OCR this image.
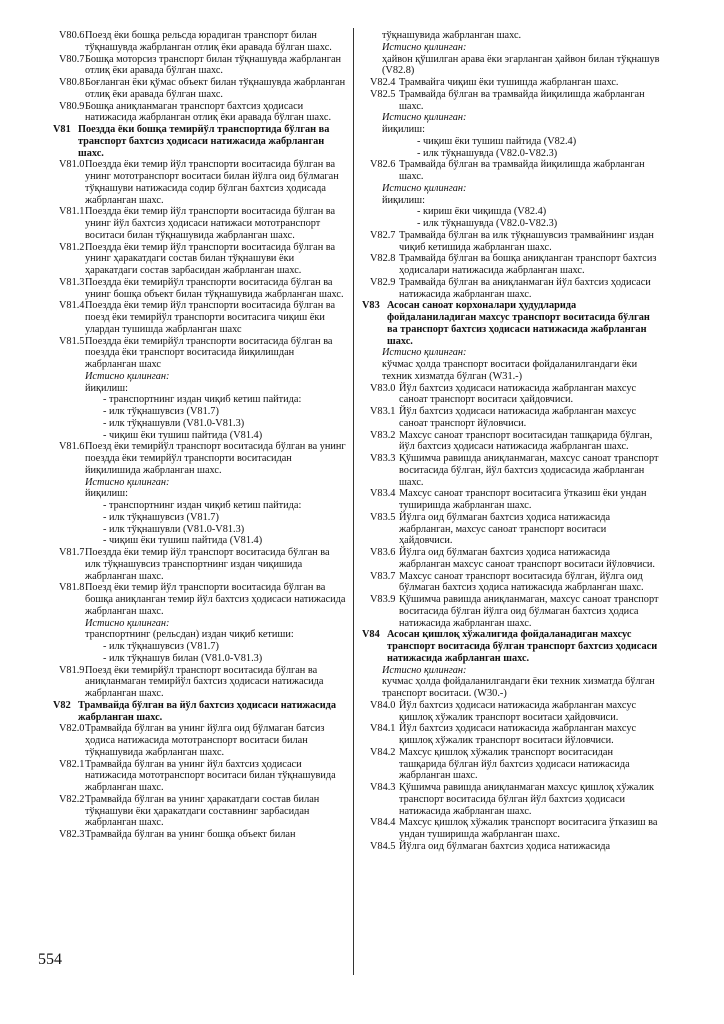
V80.6 Поезд ёки бошқа рельсда юрадиган транспорт билан тўқнашувда жабрланган отлиқ ёки аравада бўлган шахс.
V80.7 Бошқа моторсиз транспорт билан тўқнашувда жабрланган отлиқ ёки аравада бўлган шахс.
V80.8 Боғланган ёки қўмас объект билан тўқнашувда жабрланган отлиқ ёки аравада бўлган шахс.
V80.9 Бошқа аниқланмаган транспорт бахтсиз ҳодисаси натижасида жабрланган отлиқ ёки аравада бўлган шахс.
V81 Поездда ёки бошқа темирйўл транспортида бўлган ва транспорт бахтсиз ҳодисаси натижасида жабрланган шахс.
V81.0 Поездда ёки темир йўл транспорти воситасида бўлган ва унинг мототранспорт воситаси билан йўлга оид бўлмаган тўқнашуви натижасида содир бўлган бахтсиз ҳодисада жабрланган шахс.
V81.1 Поездда ёки темир йўл транспорти воситасида бўлган ва унинг йўл бахтсиз ҳодисаси натижаси мототранспорт воситаси билан тўқнашувида жабрланган шахс.
V81.2 Поездда ёки темир йўл транспорти воситасида бўлган ва унинг ҳаракатдаги состав билан тўқнашуви ёки ҳаракатдаги состав зарбасидан жабрланган шахс.
V81.3 Поездда ёки темирйўл транспорти воситасида бўлган ва унинг бошқа объект билан тўқнашувида жабрланган шахс.
V81.4 Поездда ёки темир йўл транспорти воситасида бўлган ва поезд ёки темирйўл транспорти воситасига чиқиш ёки улардан тушишда жабрланган шахс
V81.5 Поездда ёки темирйўл транспорти воситасида бўлган ва поездда ёки транспорт воситасида йиқилишдан жабрланган шахс
Истисно қилинган:
йиқилиш:
- транспортнинг издан чиқиб кетиш пайтида:
- илк тўқнашувсиз (V81.7)
- илк тўқнашувли (V81.0-V81.3)
- чиқиш ёки тушиш пайтида (V81.4)
V81.6 Поезд ёки темирйўл транспорт воситасида бўлган ва унинг поездда ёки темирйўл транспорти воситасидан йиқилишида жабрланган шахс.
Истисно қилинган:
йиқилиш:
- транспортнинг издан чиқиб кетиш пайтида:
- илк тўқнашувсиз (V81.7)
- илк тўқнашувли (V81.0-V81.3)
- чиқиш ёки тушиш пайтида (V81.4)
V81.7 Поездда ёки темир йўл транспорт воситасида бўлган ва илк тўқнашувсиз транспортнинг издан чиқишида жабрланган шахс.
V81.8 Поезд ёки темир йўл транспорти воситасида бўлган ва бошқа аниқланган темир йўл бахтсиз ҳодисаси натижасида жабрланган шахс.
Истисно қилинган:
транспортнинг (рельсдан) издан чиқиб кетиши:
- илк тўқнашувсиз (V81.7)
- илк тўқнашув билан (V81.0-V81.3)
V81.9 Поезд ёки темирйўл транспорт воситасида бўлган ва аниқланмаган темирйўл бахтсиз ҳодисаси натижасида жабрланган шахс.
V82 Трамвайда бўлган ва йўл бахтсиз ҳодисаси натижасида жабрланган шахс.
V82.0 Трамвайда бўлган ва унинг йўлга оид бўлмаган батсиз ҳодиса натижасида мототранспорт воситаси билан тўқнашувида жабрланган шахс.
V82.1 Трамвайда бўлган ва унинг йўл бахтсиз ҳодисаси натижасида мототранспорт воситаси билан тўқнашувида жабрланган шахс.
V82.2 Трамвайда бўлган ва унинг ҳаракатдаги состав билан тўқнашуви ёки ҳаракатдаги составнинг зарбасидан жабрланган шахс.
V82.3 Трамвайда бўлган ва унинг бошқа объект билан
тўқнашувида жабрланган шахс.
Истисно қилинган:
ҳайвон қўшилган арава ёки эгарланган ҳайвон билан тўқнашув (V82.8)
V82.4 Трамвайга чиқиш ёки тушишда жабрланган шахс.
V82.5 Трамвайда бўлган ва трамвайда йиқилишда жабрланган шахс.
Истисно қилинган:
йиқилиш:
- чиқиш ёки тушиш пайтида (V82.4)
- илк тўқнашувда (V82.0-V82.3)
V82.6 Трамвайда бўлган ва трамвайда йиқилишда жабрланган шахс.
Истисно қилинган:
йиқилиш:
- кириш ёки чиқишда (V82.4)
- илк тўқнашувда (V82.0-V82.3)
V82.7 Трамвайда бўлган ва илк тўқнашувсиз трамвайнинг издан чиқиб кетишида жабрланган шахс.
V82.8 Трамвайда бўлган ва бошқа аниқланган транспорт бахтсиз ҳодисалари натижасида жабрланган шахс.
V82.9 Трамвайда бўлган ва аниқланмаган йўл бахтсиз ҳодисаси натижасида жабрланган шахс.
V83 Асосан саноат корхоналари ҳудудларида фойдаланиладиган махсус транспорт воситасида бўлган ва транспорт бахтсиз ҳодисаси натижасида жабрланган шахс.
Истисно қилинган:
кўчмас ҳолда транспорт воситаси фойдаланилгандаги ёки техник хизматда бўлган (W31.-)
V83.0 Йўл бахтсиз ҳодисаси натижасида жабрланган махсус саноат транспорт воситаси ҳайдовчиси.
V83.1 Йўл бахтсиз ҳодисаси натижасида жабрланган махсус саноат транспорт йўловчиси.
V83.2 Махсус саноат транспорт воситасидан ташқарида бўлган, йўл бахтсиз ҳодисаси натижасида жабрланган шахс.
V83.3 Қўшимча равишда аниқланмаган, махсус саноат транспорт воситасида бўлган, йўл бахтсиз ҳодисасида жабрланган шахс.
V83.4 Махсус саноат транспорт воситасига ўтказиш ёки ундан туширишда жабрланган шахс.
V83.5 Йўлга оид бўлмаган бахтсиз ҳодиса натижасида жабрланган, махсус саноат транспорт воситаси ҳайдовчиси.
V83.6 Йўлга оид бўлмаган бахтсиз ҳодиса натижасида жабрланган махсус саноат транспорт воситаси йўловчиси.
V83.7 Махсус саноат транспорт воситасида бўлган, йўлга оид бўлмаган бахтсиз ҳодиса натижасида жабрланган шахс.
V83.9 Қўшимча равишда аниқланмаган, махсус саноат транспорт воситасида бўлган йўлга оид бўлмаган бахтсиз ҳодиса натижасида жабрланган шахс.
V84 Асосан қишлоқ хўжалигида фойдаланадиган махсус транспорт воситасида бўлган транспорт бахтсиз ҳодисаси натижасида жабрланган шахс.
Истисно қилинган:
кучмас ҳолда фойдаланилгандаги ёки техник хизматда бўлган транспорт воситаси. (W30.-)
V84.0 Йўл бахтсиз ҳодисаси натижасида жабрланган махсус қишлоқ хўжалик транспорт воситаси ҳайдовчиси.
V84.1 Йўл бахтсиз ҳодисаси натижасида жабрланган махсус қишлоқ хўжалик транспорт воситаси йўловчиси.
V84.2 Махсус қишлоқ хўжалик транспорт воситасидан ташқарида бўлган йўл бахтсиз ҳодисаси натижасида жабрланган шахс.
V84.3 Қўшимча равишда аниқланмаган махсус қишлоқ хўжалик транспорт воситасида бўлган йўл бахтсиз ҳодисаси натижасида жабрланган шахс.
V84.4 Махсус қишлоқ хўжалик транспорт воситасига ўтказиш ва ундан туширишда жабрланган шахс.
V84.5 Йўлга оид бўлмаган бахтсиз ҳодиса натижасида
554
